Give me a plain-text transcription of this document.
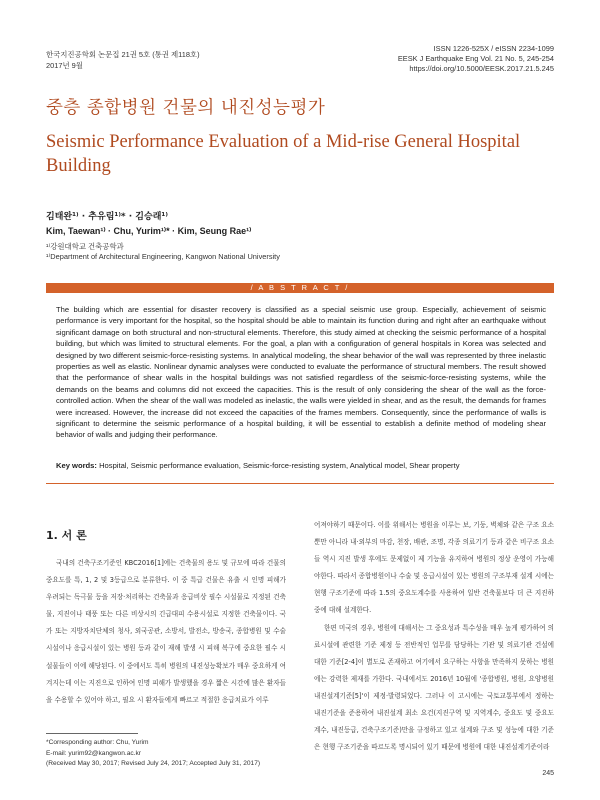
한국지진공학회 논문집 21권 5호 (통권 제118호)
2017년 9월
ISSN 1226-525X / eISSN 2234-1099
EESK J Earthquake Eng Vol. 21 No. 5, 245-254
https://doi.org/10.5000/EESK.2017.21.5.245
중층 종합병원 건물의 내진성능평가
Seismic Performance Evaluation of a Mid-rise General Hospital Building
김태완¹⁾ · 추유림¹⁾* · 김승래¹⁾
Kim, Taewan¹⁾ · Chu, Yurim¹⁾* · Kim, Seung Rae¹⁾
¹⁾강원대학교 건축공학과
¹⁾Department of Architectural Engineering, Kangwon National University
/ A B S T R A C T /
The building which are essential for disaster recovery is classified as a special seismic use group. Especially, achievement of seismic performance is very important for the hospital, so the hospital should be able to maintain its function during and right after an earthquake without significant damage on both structural and non-structural elements. Therefore, this study aimed at checking the seismic performance of a hospital building, but which was limited to structural elements. For the goal, a plan with a configuration of general hospitals in Korea was selected and designed by two different seismic-force-resisting systems. In analytical modeling, the shear behavior of the wall was represented by three inelastic properties as well as elastic. Nonlinear dynamic analyses were conducted to evaluate the performance of structural members. The result showed that the performance of shear walls in the hospital buildings was not satisfied regardless of the seismic-force-resisting systems, while the demands on the beams and columns did not exceed the capacities. This is the result of only considering the shear of the wall as the force-controlled action. When the shear of the wall was modeled as inelastic, the walls were yielded in shear, and as the result, the demands for frames were increased. However, the increase did not exceed the capacities of the frames members. Consequently, since the performance of walls is significant to determine the seismic performance of a hospital building, it will be essential to establish a definite method of modeling shear behavior of walls and judging their performance.
Key words: Hospital, Seismic performance evaluation, Seismic-force-resisting system, Analytical model, Shear property
1. 서 론

국내의 건축구조기준인 KBC2016[1]에는 건축물의 용도 및 규모에 따라 건물의 중요도를 특, 1, 2 및 3등급으로 분류한다. 이 중 특급 건물은 유출 시 인명 피해가 우려되는 독극물 등을 저장·처리하는 건축물과 응급비상 필수 시설물로 지정된 건축물, 지진이나 태풍 또는 다른 비상시의 긴급대피 수용시설로 지정한 건축물이다. 국가 또는 지방자치단체의 청사, 외국공관, 소방서, 발전소, 방송국, 종합병원 및 수술시설이나 응급시설이 있는 병원 등과 같이 재해 발생 시 피해 복구에 중요한 필수 시설물들이 이에 해당된다. 이 중에서도 특히 병원의 내진성능확보가 매우 중요하게 여겨지는데 이는 지진으로 인하여 인명 피해가 발생했을 경우 짧은 시간에 많은 환자들을 수용할 수 있어야 하고, 필요 시 환자들에게 빠르고 적절한 응급치료가 이루

어져야하기 때문이다. 이를 위해서는 병원을 이루는 보, 기둥, 벽체와 같은 구조 요소뿐만 아니라 내·외부의 마감, 천장, 배관, 조명, 각종 의료기기 등과 같은 비구조 요소들 역시 지진 발생 후에도 문제없이 제 기능을 유지하여 병원의 정상 운영이 가능해야한다. 따라서 종합병원이나 수술 및 응급시설이 있는 병원의 구조부재 설계 시에는 현행 구조기준에 따라 1.5의 중요도계수를 사용하여 일반 건축물보다 더 큰 지진하중에 대해 설계한다.

한편 미국의 경우, 병원에 대해서는 그 중요성과 특수성을 매우 높게 평가하여 의료시설에 관련한 기준 제정 등 전반적인 업무를 담당하는 기관 및 의료기관 건설에 대한 기준[2-4]이 별도로 존재하고 여기에서 요구하는 사항을 만족하지 못하는 병원에는 강력한 제재를 가한다. 국내에서도 2016년 10월에 '종합병원, 병원, 요양병원 내진설계기준[5]'이 제정·발령되었다. 그러나 이 고시에는 국토교통부에서 정하는 내진기준을 준용하여 내진설계 최소 요건(지진구역 및 지역계수, 중요도 및 중요도 계수, 내진등급, 건축구조기준)만을 규정하고 있고 설계와 구조 및 성능에 대한 기준은 현행 구조기준을 따르도록 명시되어 있기 때문에 병원에 대한 내진설계기준이라

*Corresponding author: Chu, Yurim
E-mail: yurim92@kangwon.ac.kr
(Received May 30, 2017; Revised July 24, 2017; Accepted July 31, 2017)
245
